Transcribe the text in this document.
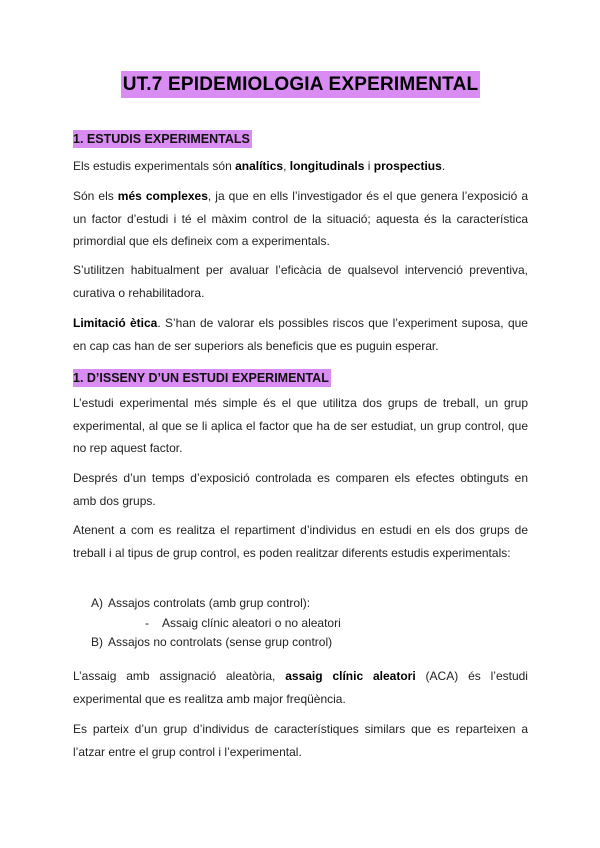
UT.7 EPIDEMIOLOGIA EXPERIMENTAL
1. ESTUDIS EXPERIMENTALS

Els estudis experimentals són analítics, longitudinals i prospectius.

Són els més complexes, ja que en ells l’investigador és el que genera l’exposició a un factor d’estudi i té el màxim control de la situació; aquesta és la característica primordial que els defineix com a experimentals.

S’utilitzen habitualment per avaluar l’eficàcia de qualsevol intervenció preventiva, curativa o rehabilitadora.

Limitació ètica. S’han de valorar els possibles riscos que l’experiment suposa, que en cap cas han de ser superiors als beneficis que es puguin esperar.

1. D’ISSENY D’UN ESTUDI EXPERIMENTAL

L’estudi experimental més simple és el que utilitza dos grups de treball, un grup experimental, al que se li aplica el factor que ha de ser estudiat, un grup control, que no rep aquest factor.

Després d’un temps d’exposició controlada es comparen els efectes obtinguts en amb dos grups.

Atenent a com es realitza el repartiment d’individus en estudi en els dos grups de treball i al tipus de grup control, es poden realitzar diferents estudis experimentals:

A) Assajos controlats (amb grup control):
- Assaig clínic aleatori o no aleatori
B) Assajos no controlats (sense grup control)

L’assaig amb assignació aleatòria, assaig clínic aleatori (ACA) és l’estudi experimental que es realitza amb major freqüència.

Es parteix d’un grup d’individus de característiques similars que es reparteixen a l’atzar entre el grup control i l’experimental.
